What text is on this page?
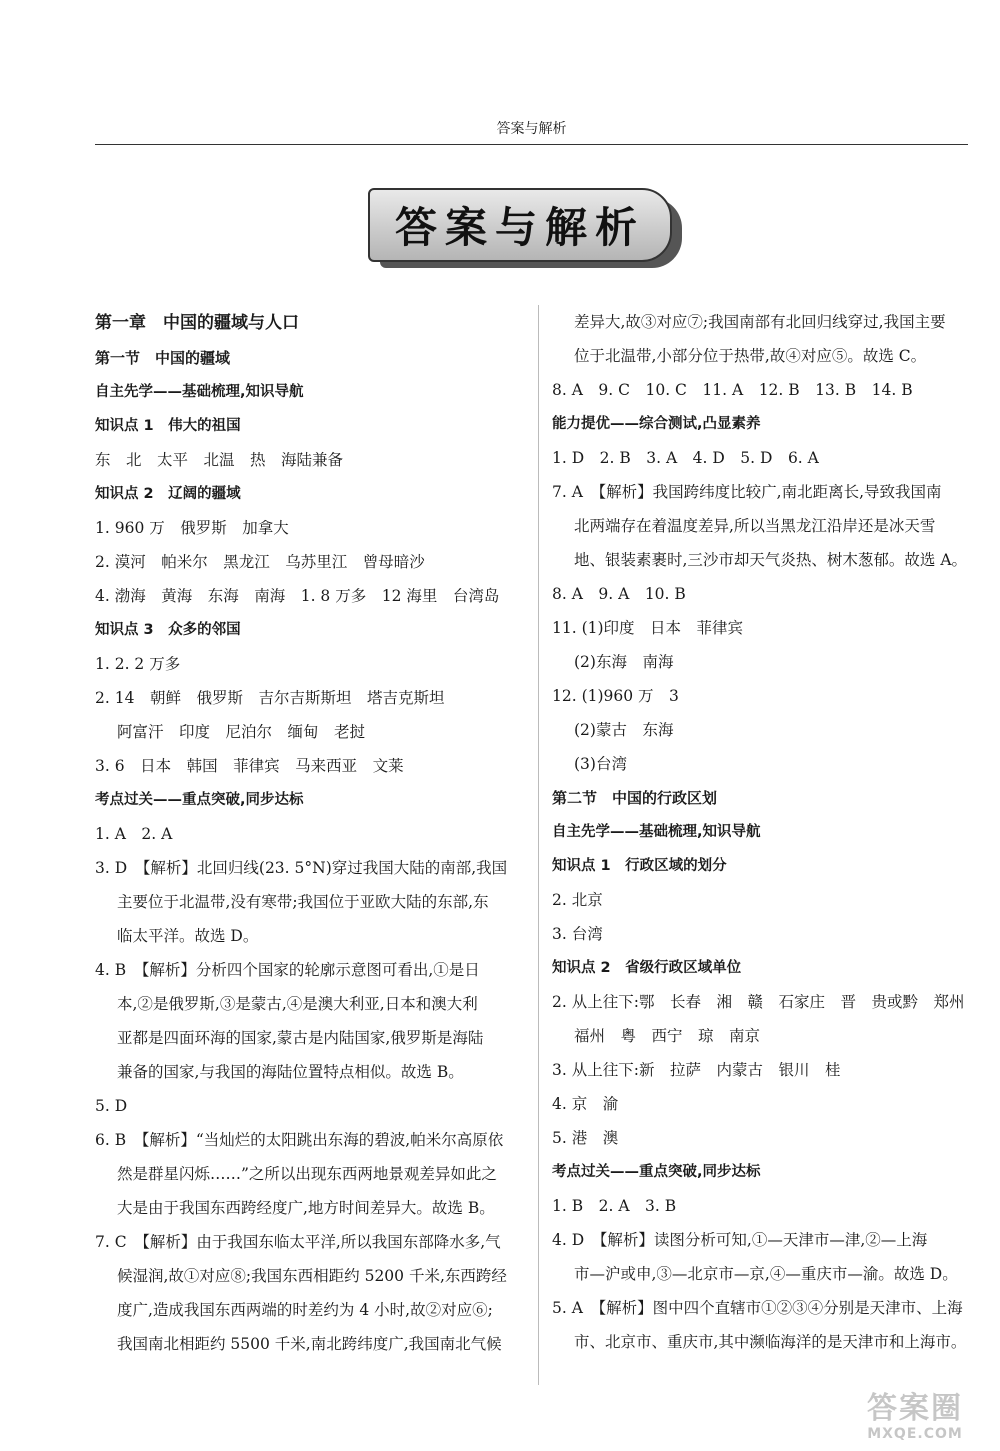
答案与解析
答案与解析
第一章　中国的疆域与人口
第一节　中国的疆域
自主先学——基础梳理,知识导航
知识点 1　伟大的祖国
东　北　太平　北温　热　海陆兼备
知识点 2　辽阔的疆域
1. 960 万　俄罗斯　加拿大
2. 漠河　帕米尔　黑龙江　乌苏里江　曾母暗沙
4. 渤海　黄海　东海　南海　1. 8 万多　12 海里　台湾岛
知识点 3　众多的邻国
1. 2. 2 万多
2. 14　朝鲜　俄罗斯　吉尔吉斯斯坦　塔吉克斯坦
阿富汗　印度　尼泊尔　缅甸　老挝
3. 6　日本　韩国　菲律宾　马来西亚　文莱
考点过关——重点突破,同步达标
1. A　2. A
3. D　【解析】北回归线(23. 5°N)穿过我国大陆的南部,我国
主要位于北温带,没有寒带;我国位于亚欧大陆的东部,东
临太平洋。故选 D。
4. B　【解析】分析四个国家的轮廓示意图可看出,①是日
本,②是俄罗斯,③是蒙古,④是澳大利亚,日本和澳大利
亚都是四面环海的国家,蒙古是内陆国家,俄罗斯是海陆
兼备的国家,与我国的海陆位置特点相似。故选 B。
5. D
6. B　【解析】“当灿烂的太阳跳出东海的碧波,帕米尔高原依
然是群星闪烁……”之所以出现东西两地景观差异如此之
大是由于我国东西跨经度广,地方时间差异大。故选 B。
7. C　【解析】由于我国东临太平洋,所以我国东部降水多,气
候湿润,故①对应⑧;我国东西相距约 5200 千米,东西跨经
度广,造成我国东西两端的时差约为 4 小时,故②对应⑥;
我国南北相距约 5500 千米,南北跨纬度广,我国南北气候
差异大,故③对应⑦;我国南部有北回归线穿过,我国主要
位于北温带,小部分位于热带,故④对应⑤。故选 C。
8. A　9. C　10. C　11. A　12. B　13. B　14. B
能力提优——综合测试,凸显素养
1. D　2. B　3. A　4. D　5. D　6. A
7. A　【解析】我国跨纬度比较广,南北距离长,导致我国南
北两端存在着温度差异,所以当黑龙江沿岸还是冰天雪
地、银装素裹时,三沙市却天气炎热、树木葱郁。故选 A。
8. A　9. A　10. B
11. (1)印度　日本　菲律宾
(2)东海　南海
12. (1)960 万　3
(2)蒙古　东海
(3)台湾
第二节　中国的行政区划
自主先学——基础梳理,知识导航
知识点 1　行政区域的划分
2. 北京
3. 台湾
知识点 2　省级行政区域单位
2. 从上往下:鄂　长春　湘　赣　石家庄　晋　贵或黔　郑州
福州　粤　西宁　琼　南京
3. 从上往下:新　拉萨　内蒙古　银川　桂
4. 京　渝
5. 港　澳
考点过关——重点突破,同步达标
1. B　2. A　3. B
4. D　【解析】读图分析可知,①—天津市—津,②—上海
市—沪或申,③—北京市—京,④—重庆市—渝。故选 D。
5. A　【解析】图中四个直辖市①②③④分别是天津市、上海
市、北京市、重庆市,其中濒临海洋的是天津市和上海市。
答案圈
MXQE.COM
